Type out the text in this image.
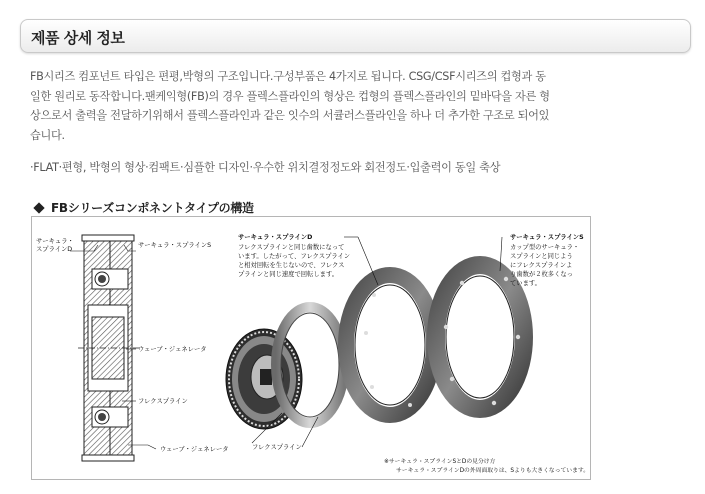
제품 상세 정보
FB시리즈 컴포넌트 타입은 편평,박형의 구조입니다.구성부품은 4가지로 됩니다. CSG/CSF시리즈의 컵형과 동
일한 원리로 동작합니다.팬케익형(FB)의 경우 플렉스플라인의 형상은 컵형의 플렉스플라인의 밑바닥을 자른 형
상으로서 출력을 전달하기위해서 플렉스플라인과 같은 잇수의 서큘러스플라인을 하나 더 추가한 구조로 되어있
습니다.
·FLAT·편형, 박형의 형상·컴팩트·심플한 디자인·우수한 위치결정정도와 회전정도·입출력이 동일 축상
FBシリーズコンポネントタイプの構造
サーキュラ・スプラインD
サーキュラ・スプラインS
ウェーブ・ジェネレータ
フレクスプライン
ウェーブ・ジェネレータ	フレクスプライン
サーキュラ・スプラインD フレクスプラインと同じ歯数になって います。したがって、フレクスプライン と相対回転を生じないので、フレクス プラインと同じ速度で回転します。
サーキュラ・スプラインS カップ型のサーキュラ・ スプラインと同じよう にフレクスプラインよ り歯数が２枚多くなっ ています。
※サーキュラ・スプラインSとDの見分け方
サーキュラ・スプラインDの外周面取りは、Sよりも大きくなっています。
